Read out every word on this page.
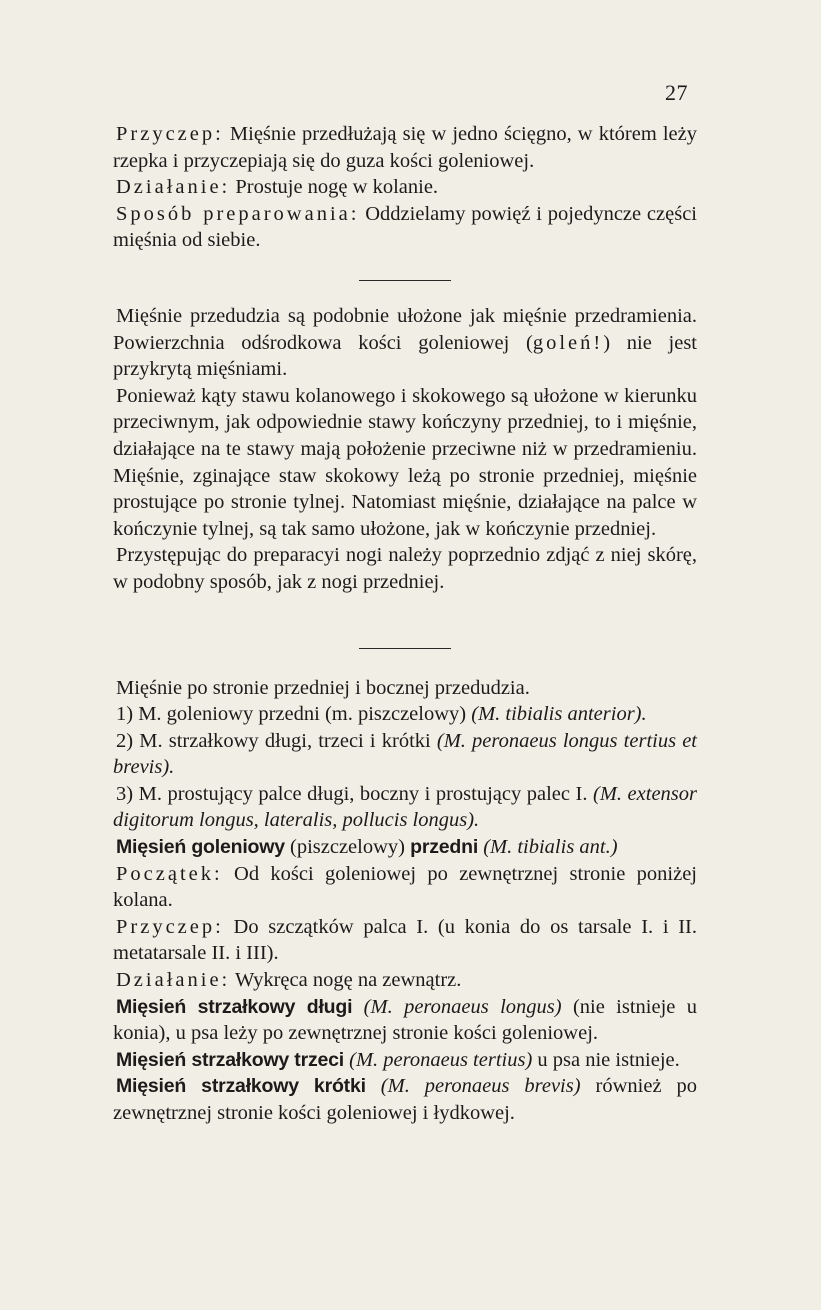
27

Przyczep: Mięśnie przedłużają się w jedno ścięgno, w którem leży rzepka i przyczepiają się do guza kości goleniowej.

Działanie: Prostuje nogę w kolanie.

Sposób preparowania: Oddzielamy powięź i pojedyncze części mięśnia od siebie.

Mięśnie przedudzia są podobnie ułożone jak mięśnie przedramienia. Powierzchnia odśrodkowa kości goleniowej (goleń!) nie jest przykrytą mięśniami.

Ponieważ kąty stawu kolanowego i skokowego są ułożone w kierunku przeciwnym, jak odpowiednie stawy kończyny przedniej, to i mięśnie, działające na te stawy mają położenie przeciwne niż w przedramieniu. Mięśnie, zginające staw skokowy leżą po stronie przedniej, mięśnie prostujące po stronie tylnej. Natomiast mięśnie, działające na palce w kończynie tylnej, są tak samo ułożone, jak w kończynie przedniej.

Przystępując do preparacyi nogi należy poprzednio zdjąć z niej skórę, w podobny sposób, jak z nogi przedniej.

Mięśnie po stronie przedniej i bocznej przedudzia.

1) M. goleniowy przedni (m. piszczelowy) (M. tibialis anterior).

2) M. strzałkowy długi, trzeci i krótki (M. peronaeus longus tertius et brevis).

3) M. prostujący palce długi, boczny i prostujący palec I. (M. extensor digitorum longus, lateralis, pollucis longus).

Mięsień goleniowy (piszczelowy) przedni (M. tibialis ant.)

Początek: Od kości goleniowej po zewnętrznej stronie poniżej kolana.

Przyczep: Do szczątków palca I. (u konia do os tarsale I. i II. metatarsale II. i III).

Działanie: Wykręca nogę na zewnątrz.

Mięsień strzałkowy długi (M. peronaeus longus) (nie istnieje u konia), u psa leży po zewnętrznej stronie kości goleniowej.

Mięsień strzałkowy trzeci (M. peronaeus tertius) u psa nie istnieje.

Mięsień strzałkowy krótki (M. peronaeus brevis) również po zewnętrznej stronie kości goleniowej i łydkowej.
